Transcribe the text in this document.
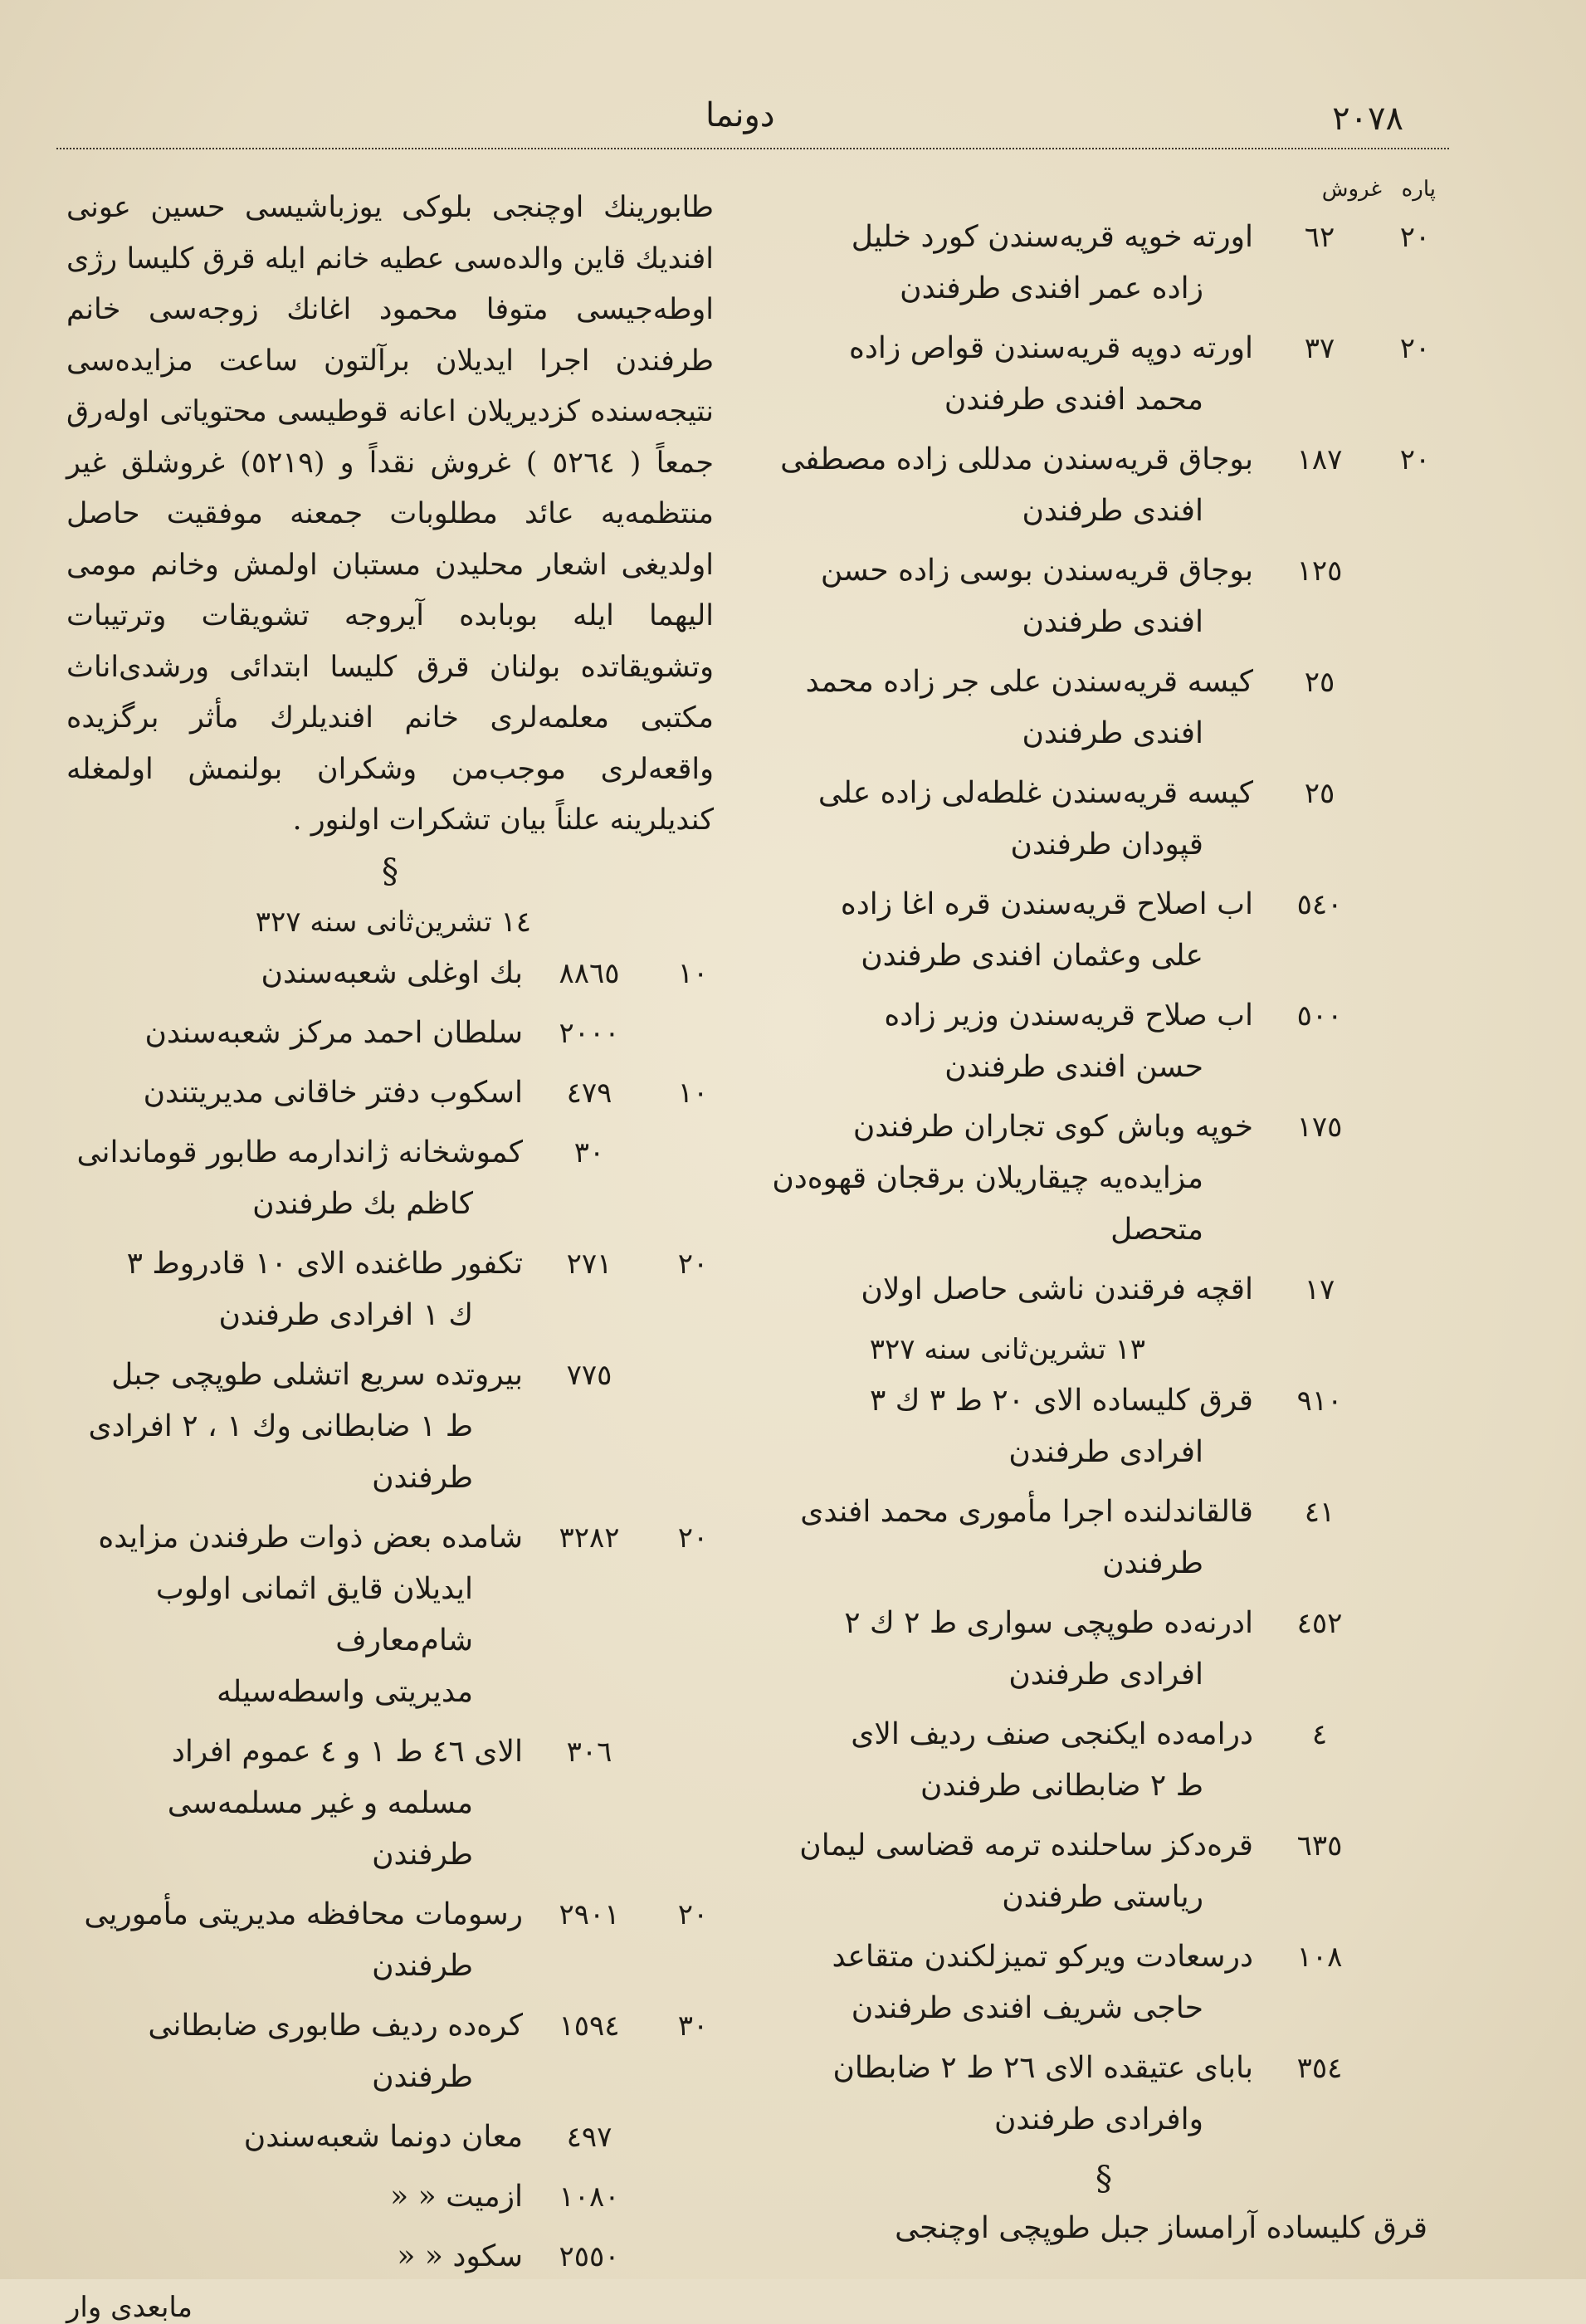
٢٠٧٨
دونما
پاره
غروش
٢٠
٦٢
اورته خوپه قریه‌سندن کورد خلیل
زاده عمر افندی طرفندن
٢٠
٣٧
اورته دوپه قریه‌سندن قواص زاده
محمد افندی طرفندن
٢٠
١٨٧
بوجاق قریه‌سندن مدللی زاده مصطفی
افندی طرفندن
١٢٥
بوجاق قریه‌سندن بوسی زاده حسن
افندی طرفندن
٢٥
کیسه قریه‌سندن علی جر زاده محمد
افندی طرفندن
٢٥
کیسه قریه‌سندن غلطه‌لی زاده علی
قپودان طرفندن
٥٤٠
اب اصلاح قریه‌سندن قره اغا زاده
علی وعثمان افندی طرفندن
٥٠٠
اب صلاح قریه‌سندن وزیر زاده
حسن افندی طرفندن
١٧٥
خوپه وباش کوی تجاران طرفندن
مزایده‌یه چیقاریلان برقجان قهوه‌دن
متحصل
١٧
اقچه فرقندن ناشی حاصل اولان
١٣ تشرین‌ثانی سنه ٣٢٧
٩١٠
قرق کلیساده الای ٢٠ ط ٣ ك ٣
افرادی طرفندن
٤١
قالقاندلنده اجرا مأموری محمد افندی
طرفندن
٤٥٢
ادرنه‌ده طوپچی سواری ط ٢ ك ٢
افرادی طرفندن
٤
درامه‌ده ایکنجی صنف ردیف الای
ط ٢ ضابطانی طرفندن
٦٣٥
قره‌دکز ساحلنده ترمه قضاسی لیمان
ریاستی طرفندن
١٠٨
درسعادت ویرکو تمیزلکندن متقاعد
حاجی شریف افندی طرفندن
٣٥٤
بابای عتیقده الای ٢٦ ط ٢ ضابطان
وافرادی طرفندن
§
قرق کلیساده آرامساز جبل طوپچی اوچنجی
طابورینك اوچنجی بلوکی یوزباشیسی حسین عونی افندیك قاین والده‌سی عطیه خانم ایله قرق کلیسا رژی اوطه‌جیسی متوفا محمود اغانك زوجه‌سی خانم طرفندن اجرا ایدیلان برآلتون ساعت مزایده‌سی نتیجه‌سنده کزدیریلان اعانه قوطیسی محتویاتی اوله‌رق جمعاً ( ٥٢٦٤ ) غروش نقداً و (٥٢١٩) غروشلق غیر منتظمه‌یه عائد مطلوبات جمعنه موفقیت حاصل اولدیغی اشعار محلیدن مستبان اولمش وخانم مومی الیهما ایله بوبابده آیروجه تشویقات وترتیبات وتشویقاتده بولنان قرق کلیسا ابتدائی ورشدی‌اناث مکتبی معلمه‌لری خانم افندیلرك مأثر برگزیده واقعه‌لری موجب‌من وشکران بولنمش اولمغله کندیلرینه علناً بیان تشکرات اولنور .
§
١٤ تشرین‌ثانی سنه ٣٢٧
١٠
٨٨٦٥
بك اوغلی شعبه‌سندن
٢٠٠٠
سلطان احمد مرکز شعبه‌سندن
١٠
٤٧٩
اسکوب دفتر خاقانی مدیریتندن
٣٠
کموشخانه ژاندارمه طابور قوماندانی
کاظم بك طرفندن
٢٠
٢٧١
تکفور طاغنده الای ١٠ قادروط ٣
ك ١ افرادی طرفندن
٧٧٥
بیروتده سریع اتشلی طوپچی جبل
ط ١ ضابطانی وك ١ ، ٢ افرادی
طرفندن
٢٠
٣٢٨٢
شامده بعض ذوات طرفندن مزایده
ایدیلان قایق اثمانی اولوب شام‌معارف
مدیریتی واسطه‌سیله
٣٠٦
الای ٤٦ ط ١ و ٤ عموم افراد
مسلمه و غیر مسلمه‌سی طرفندن
٢٠
٢٩٠١
رسومات محافظه مدیریتی مأموریی
طرفندن
٣٠
١٥٩٤
کره‌ده ردیف طابوری ضابطانی
طرفندن
٤٩٧
معان دونما شعبه‌سندن
١٠٨٠
ازمیت « «
٢٥٥٠
سکود « «
مابعدی وار
